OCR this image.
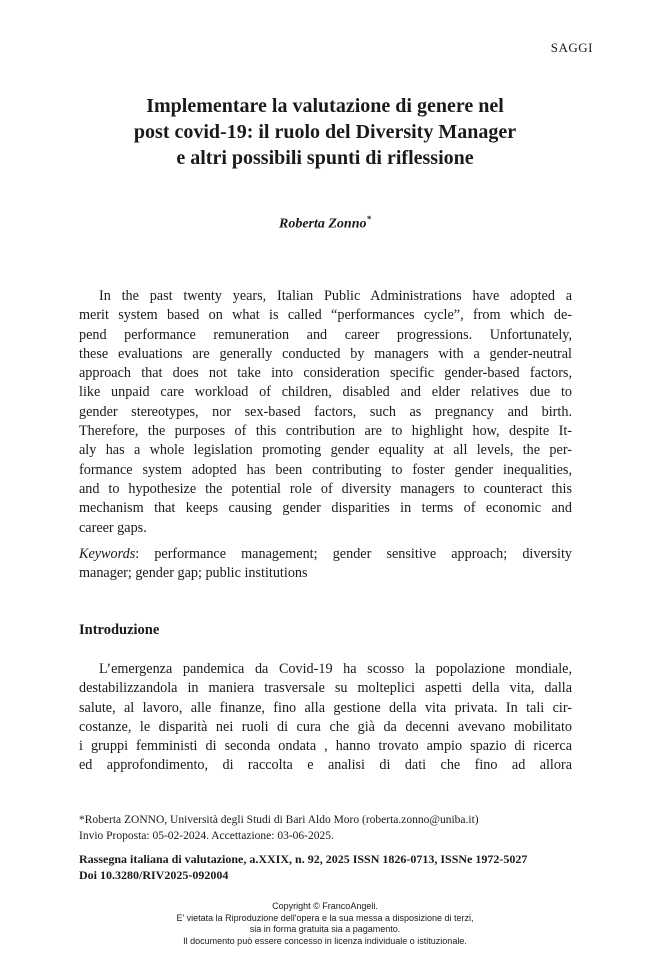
SAGGI
Implementare la valutazione di genere nel
post covid-19: il ruolo del Diversity Manager
e altri possibili spunti di riflessione
Roberta Zonno*
In the past twenty years, Italian Public Administrations have adopted a
merit system based on what is called “performances cycle”, from which de-
pend performance remuneration and career progressions. Unfortunately,
these evaluations are generally conducted by managers with a gender-neutral
approach that does not take into consideration specific gender-based factors,
like unpaid care workload of children, disabled and elder relatives due to
gender stereotypes, nor sex-based factors, such as pregnancy and birth.
Therefore, the purposes of this contribution are to highlight how, despite It-
aly has a whole legislation promoting gender equality at all levels, the per-
formance system adopted has been contributing to foster gender inequalities,
and to hypothesize the potential role of diversity managers to counteract this
mechanism that keeps causing gender disparities in terms of economic and
career gaps.
Keywords: performance management; gender sensitive approach; diversity
manager; gender gap; public institutions
Introduzione
L’emergenza pandemica da Covid-19 ha scosso la popolazione mondiale,
destabilizzandola in maniera trasversale su molteplici aspetti della vita, dalla
salute, al lavoro, alle finanze, fino alla gestione della vita privata. In tali cir-
costanze, le disparità nei ruoli di cura che già da decenni avevano mobilitato
i gruppi femministi di seconda ondata , hanno trovato ampio spazio di ricerca
ed approfondimento, di raccolta e analisi di dati che fino ad allora
*Roberta ZONNO, Università degli Studi di Bari Aldo Moro (roberta.zonno@uniba.it)
Invio Proposta: 05-02-2024. Accettazione: 03-06-2025.
Rassegna italiana di valutazione, a.XXIX, n. 92, 2025 ISSN 1826-0713, ISSNe 1972-5027
Doi 10.3280/RIV2025-092004
Copyright © FrancoAngeli.
E' vietata la Riproduzione dell'opera e la sua messa a disposizione di terzi,
sia in forma gratuita sia a pagamento.
Il documento può essere concesso in licenza individuale o istituzionale.
